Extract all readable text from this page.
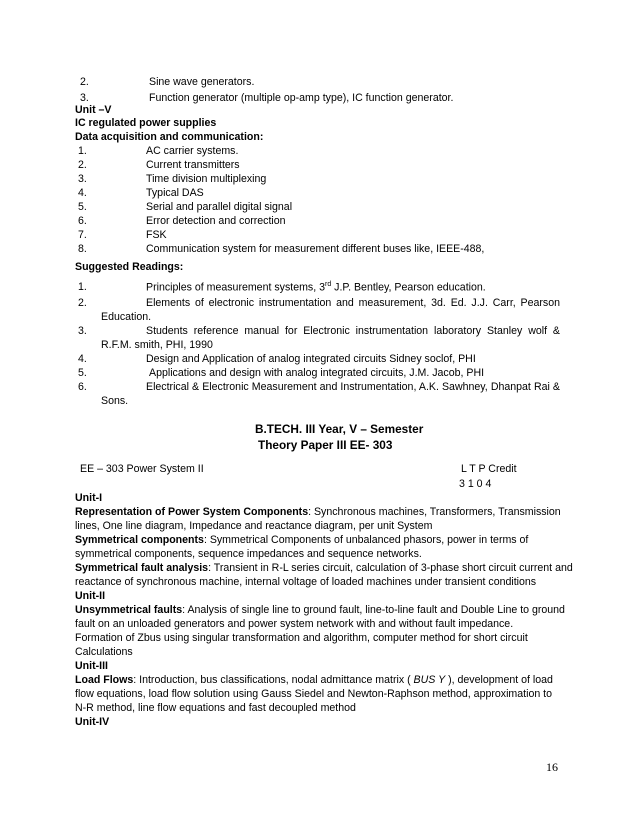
2.	Sine wave generators.
3.	Function generator (multiple op-amp type), IC function generator.
Unit –V
IC regulated power supplies
Data acquisition and communication:
1.	AC carrier systems.
2.	Current transmitters
3.	Time division multiplexing
4.	Typical DAS
5.	Serial and parallel digital signal
6.	Error detection and correction
7.	FSK
8.	Communication system for measurement different buses like, IEEE-488,
Suggested Readings:
1.	Principles of measurement systems, 3rd J.P. Bentley, Pearson education.
2.	Elements of electronic instrumentation and measurement, 3d. Ed. J.J. Carr, Pearson
Education.
3.	Students reference manual for Electronic instrumentation laboratory Stanley wolf &
R.F.M. smith, PHI, 1990
4.	Design and Application of analog integrated circuits Sidney soclof, PHI
5.	Applications and design with analog integrated circuits, J.M. Jacob, PHI
6.	Electrical & Electronic Measurement and Instrumentation, A.K. Sawhney, Dhanpat Rai &
Sons.
B.TECH. III Year, V – Semester
Theory Paper III EE- 303
EE – 303 Power System II	L T P Credit
3 1 0 4
Unit-I
Representation of Power System Components: Synchronous machines, Transformers, Transmission
lines, One line diagram, Impedance and reactance diagram, per unit System
Symmetrical components: Symmetrical Components of unbalanced phasors, power in terms of
symmetrical components, sequence impedances and sequence networks.
Symmetrical fault analysis: Transient in R-L series circuit, calculation of 3-phase short circuit current and
reactance of synchronous machine, internal voltage of loaded machines under transient conditions
Unit-II
Unsymmetrical faults: Analysis of single line to ground fault, line-to-line fault and Double Line to ground
fault on an unloaded generators and power system network with and without fault impedance.
Formation of Zbus using singular transformation and algorithm, computer method for short circuit
Calculations
Unit-III
Load Flows: Introduction, bus classifications, nodal admittance matrix ( BUS Y ), development of load
flow equations, load flow solution using Gauss Siedel and Newton-Raphson method, approximation to
N-R method, line flow equations and fast decoupled method
Unit-IV
16
